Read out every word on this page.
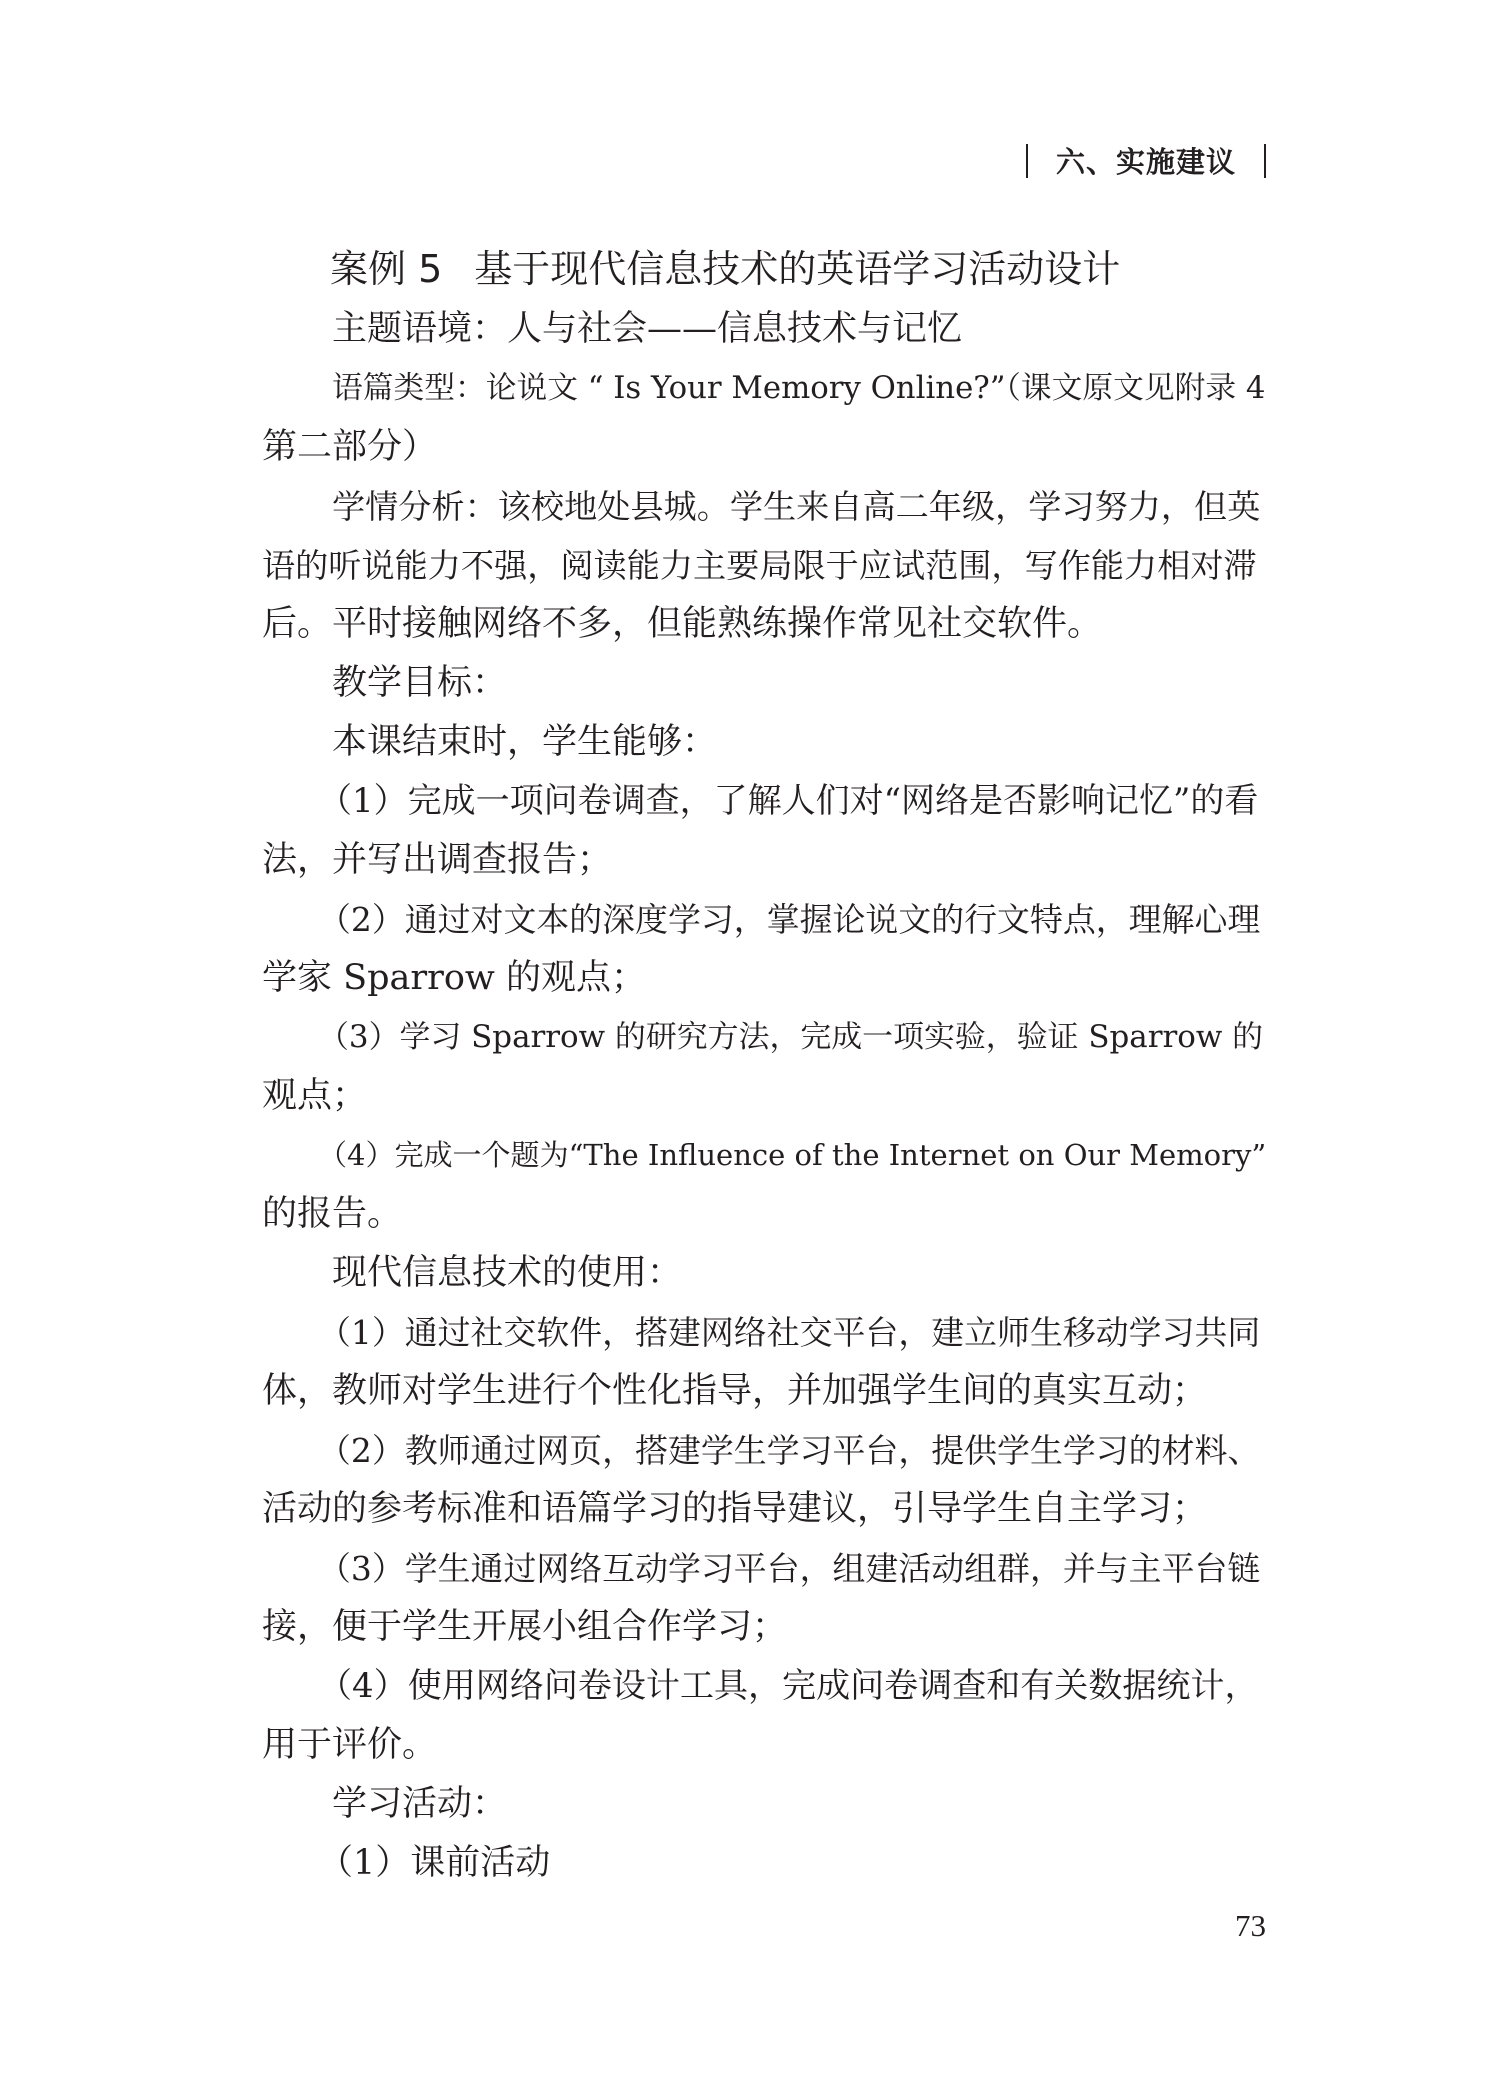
六、实施建议
案例 5 基于现代信息技术的英语学习活动设计
主题语境：人与社会——信息技术与记忆
语篇类型：论说文 “ Is Your Memory Online?”（课文原文见附录 4
第二部分）
学情分析：该校地处县城。学生来自高二年级，学习努力，但英
语的听说能力不强，阅读能力主要局限于应试范围，写作能力相对滞
后。平时接触网络不多，但能熟练操作常见社交软件。
教学目标：
本课结束时，学生能够：
（1）完成一项问卷调查，了解人们对“网络是否影响记忆”的看
法，并写出调查报告；
（2）通过对文本的深度学习，掌握论说文的行文特点，理解心理
学家 Sparrow 的观点；
（3）学习 Sparrow 的研究方法，完成一项实验，验证 Sparrow 的
观点；
（4）完成一个题为“The Influence of the Internet on Our Memory”
的报告。
现代信息技术的使用：
（1）通过社交软件，搭建网络社交平台，建立师生移动学习共同
体，教师对学生进行个性化指导，并加强学生间的真实互动；
（2）教师通过网页，搭建学生学习平台，提供学生学习的材料、
活动的参考标准和语篇学习的指导建议，引导学生自主学习；
（3）学生通过网络互动学习平台，组建活动组群，并与主平台链
接，便于学生开展小组合作学习；
（4）使用网络问卷设计工具，完成问卷调查和有关数据统计，
用于评价。
学习活动：
（1）课前活动
73
